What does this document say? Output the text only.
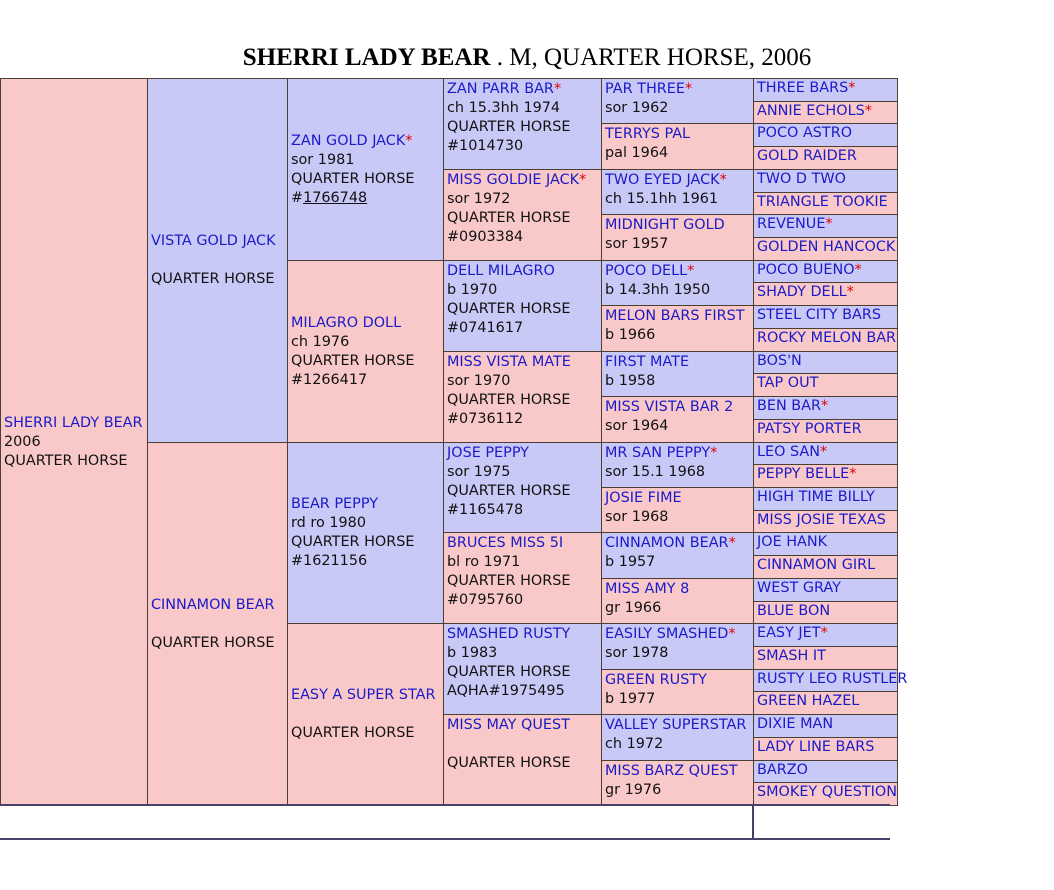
SHERRI LADY BEAR . M, QUARTER HORSE, 2006
SHERRI LADY BEAR
2006
QUARTER HORSE
VISTA GOLD JACK

QUARTER HORSE
CINNAMON BEAR

QUARTER HORSE
ZAN GOLD JACK*
sor 1981
QUARTER HORSE
#1766748
MILAGRO DOLL
ch 1976
QUARTER HORSE
#1266417
BEAR PEPPY
rd ro 1980
QUARTER HORSE
#1621156
EASY A SUPER STAR

QUARTER HORSE
ZAN PARR BAR*
ch 15.3hh 1974
QUARTER HORSE
#1014730
MISS GOLDIE JACK*
sor 1972
QUARTER HORSE
#0903384
DELL MILAGRO
b 1970
QUARTER HORSE
#0741617
MISS VISTA MATE
sor 1970
QUARTER HORSE
#0736112
JOSE PEPPY
sor 1975
QUARTER HORSE
#1165478
BRUCES MISS 5I
bl ro 1971
QUARTER HORSE
#0795760
SMASHED RUSTY
b 1983
QUARTER HORSE
AQHA#1975495
MISS MAY QUEST

QUARTER HORSE
PAR THREE*
sor 1962
TERRYS PAL
pal 1964
TWO EYED JACK*
ch 15.1hh 1961
MIDNIGHT GOLD
sor 1957
POCO DELL*
b 14.3hh 1950
MELON BARS FIRST
b 1966
FIRST MATE
b 1958
MISS VISTA BAR 2
sor 1964
MR SAN PEPPY*
sor 15.1 1968
JOSIE FIME
sor 1968
CINNAMON BEAR*
b 1957
MISS AMY 8
gr 1966
EASILY SMASHED*
sor 1978
GREEN RUSTY
b 1977
VALLEY SUPERSTAR
ch 1972
MISS BARZ QUEST
gr 1976
THREE BARS*
ANNIE ECHOLS*
POCO ASTRO
GOLD RAIDER
TWO D TWO
TRIANGLE TOOKIE
REVENUE*
GOLDEN HANCOCK
POCO BUENO*
SHADY DELL*
STEEL CITY BARS
ROCKY MELON BAR
BOS'N
TAP OUT
BEN BAR*
PATSY PORTER
LEO SAN*
PEPPY BELLE*
HIGH TIME BILLY
MISS JOSIE TEXAS
JOE HANK
CINNAMON GIRL
WEST GRAY
BLUE BON
EASY JET*
SMASH IT
RUSTY LEO RUSTLER
GREEN HAZEL
DIXIE MAN
LADY LINE BARS
BARZO
SMOKEY QUESTION
